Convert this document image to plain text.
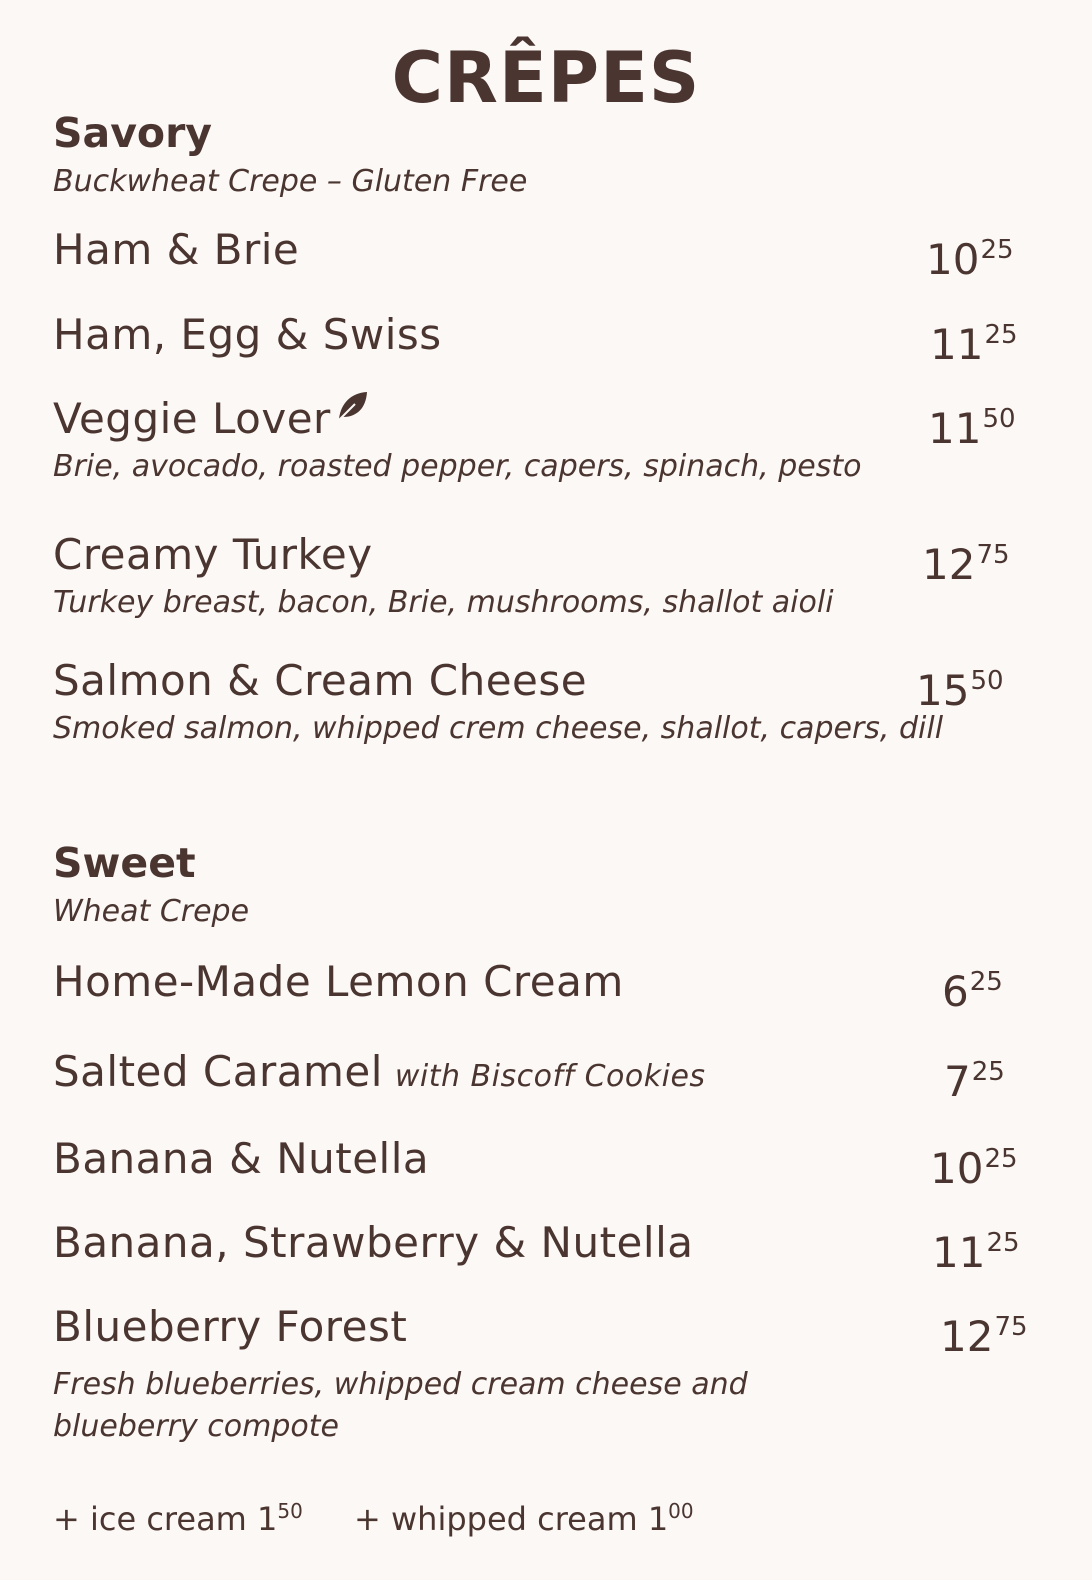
CRÊPES
Savory
Buckwheat Crepe – Gluten Free
Ham & Brie	$10^{25}$
Ham, Egg & Swiss	$11^{25}$
Veggie Lover	$11^{50}$
Brie, avocado, roasted pepper, capers, spinach, pesto
Creamy Turkey	$12^{75}$
Turkey breast, bacon, Brie, mushrooms, shallot aioli
Salmon & Cream Cheese	$15^{50}$
Smoked salmon, whipped crem cheese, shallot, capers, dill
Sweet
Wheat Crepe
Home-Made Lemon Cream	$6^{25}$
Salted Caramel with Biscoff Cookies	$7^{25}$
Banana & Nutella	$10^{25}$
Banana, Strawberry & Nutella	$11^{25}$
Blueberry Forest	$12^{75}$
Fresh blueberries, whipped cream cheese and
blueberry compote
+ ice cream $1^{50}$ + whipped cream $1^{00}$
